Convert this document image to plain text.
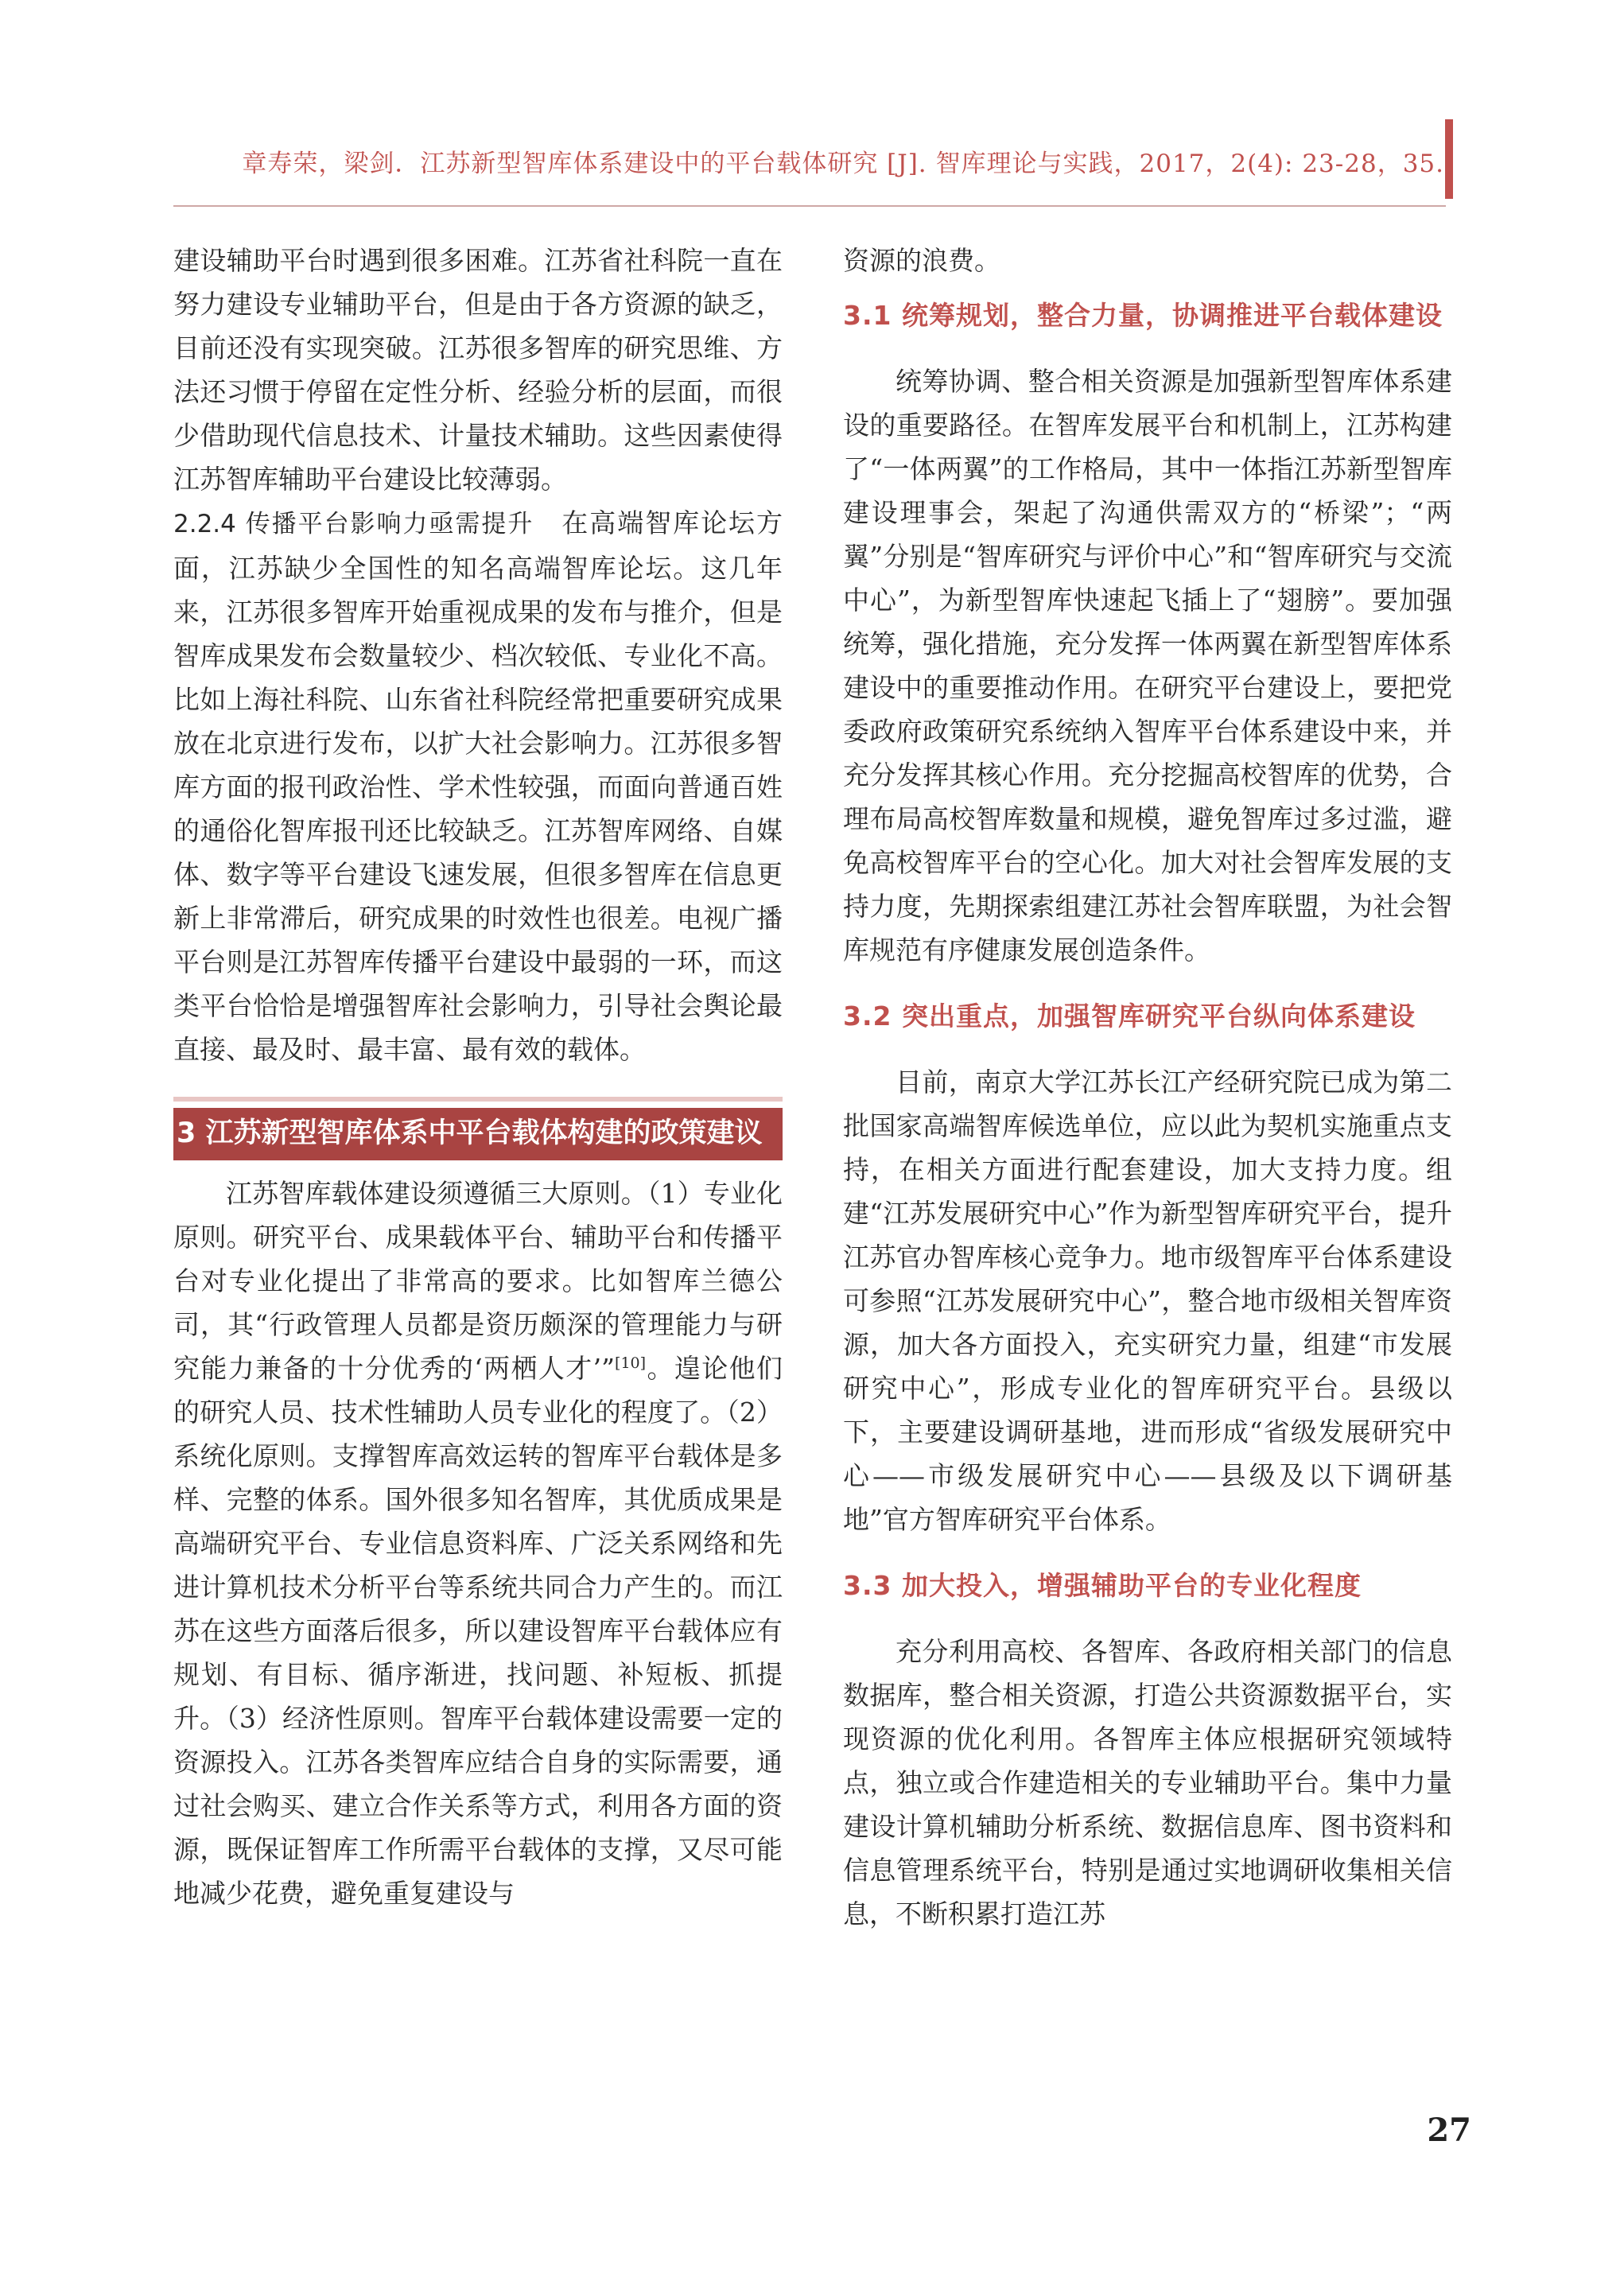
章寿荣，梁剑．江苏新型智库体系建设中的平台载体研究 [J]. 智库理论与实践，2017，2(4): 23-28，35.

建设辅助平台时遇到很多困难。江苏省社科院一直在努力建设专业辅助平台，但是由于各方资源的缺乏，目前还没有实现突破。江苏很多智库的研究思维、方法还习惯于停留在定性分析、经验分析的层面，而很少借助现代信息技术、计量技术辅助。这些因素使得江苏智库辅助平台建设比较薄弱。

2.2.4 传播平台影响力亟需提升　 在高端智库论坛方面，江苏缺少全国性的知名高端智库论坛。这几年来，江苏很多智库开始重视成果的发布与推介，但是智库成果发布会数量较少、档次较低、专业化不高。比如上海社科院、山东省社科院经常把重要研究成果放在北京进行发布，以扩大社会影响力。江苏很多智库方面的报刊政治性、学术性较强，而面向普通百姓的通俗化智库报刊还比较缺乏。江苏智库网络、自媒体、数字等平台建设飞速发展，但很多智库在信息更新上非常滞后，研究成果的时效性也很差。电视广播平台则是江苏智库传播平台建设中最弱的一环，而这类平台恰恰是增强智库社会影响力，引导社会舆论最直接、最及时、最丰富、最有效的载体。

3 江苏新型智库体系中平台载体构建的政策建议

江苏智库载体建设须遵循三大原则。（1）专业化原则。研究平台、成果载体平台、辅助平台和传播平台对专业化提出了非常高的要求。比如智库兰德公司，其“行政管理人员都是资历颇深的管理能力与研究能力兼备的十分优秀的‘两栖人才’”[10]。遑论他们的研究人员、技术性辅助人员专业化的程度了。（2）系统化原则。支撑智库高效运转的智库平台载体是多样、完整的体系。国外很多知名智库，其优质成果是高端研究平台、专业信息资料库、广泛关系网络和先进计算机技术分析平台等系统共同合力产生的。而江苏在这些方面落后很多，所以建设智库平台载体应有规划、有目标、循序渐进，找问题、补短板、抓提升。（3）经济性原则。智库平台载体建设需要一定的资源投入。江苏各类智库应结合自身的实际需要，通过社会购买、建立合作关系等方式，利用各方面的资源，既保证智库工作所需平台载体的支撑，又尽可能地减少花费，避免重复建设与

资源的浪费。

3.1 统筹规划，整合力量，协调推进平台载体建设

统筹协调、整合相关资源是加强新型智库体系建设的重要路径。在智库发展平台和机制上，江苏构建了“一体两翼”的工作格局，其中一体指江苏新型智库建设理事会，架起了沟通供需双方的“桥梁”；“两翼”分别是“智库研究与评价中心”和“智库研究与交流中心”，为新型智库快速起飞插上了“翅膀”。要加强统筹，强化措施，充分发挥一体两翼在新型智库体系建设中的重要推动作用。在研究平台建设上，要把党委政府政策研究系统纳入智库平台体系建设中来，并充分发挥其核心作用。充分挖掘高校智库的优势，合理布局高校智库数量和规模，避免智库过多过滥，避免高校智库平台的空心化。加大对社会智库发展的支持力度，先期探索组建江苏社会智库联盟，为社会智库规范有序健康发展创造条件。

3.2 突出重点，加强智库研究平台纵向体系建设

目前，南京大学江苏长江产经研究院已成为第二批国家高端智库候选单位，应以此为契机实施重点支持，在相关方面进行配套建设，加大支持力度。组建“江苏发展研究中心”作为新型智库研究平台，提升江苏官办智库核心竞争力。地市级智库平台体系建设可参照“江苏发展研究中心”，整合地市级相关智库资源，加大各方面投入，充实研究力量，组建“市发展研究中心”，形成专业化的智库研究平台。县级以下，主要建设调研基地，进而形成“省级发展研究中心——市级发展研究中心——县级及以下调研基地”官方智库研究平台体系。

3.3 加大投入，增强辅助平台的专业化程度

充分利用高校、各智库、各政府相关部门的信息数据库，整合相关资源，打造公共资源数据平台，实现资源的优化利用。各智库主体应根据研究领域特点，独立或合作建造相关的专业辅助平台。集中力量建设计算机辅助分析系统、数据信息库、图书资料和信息管理系统平台，特别是通过实地调研收集相关信息，不断积累打造江苏

27
